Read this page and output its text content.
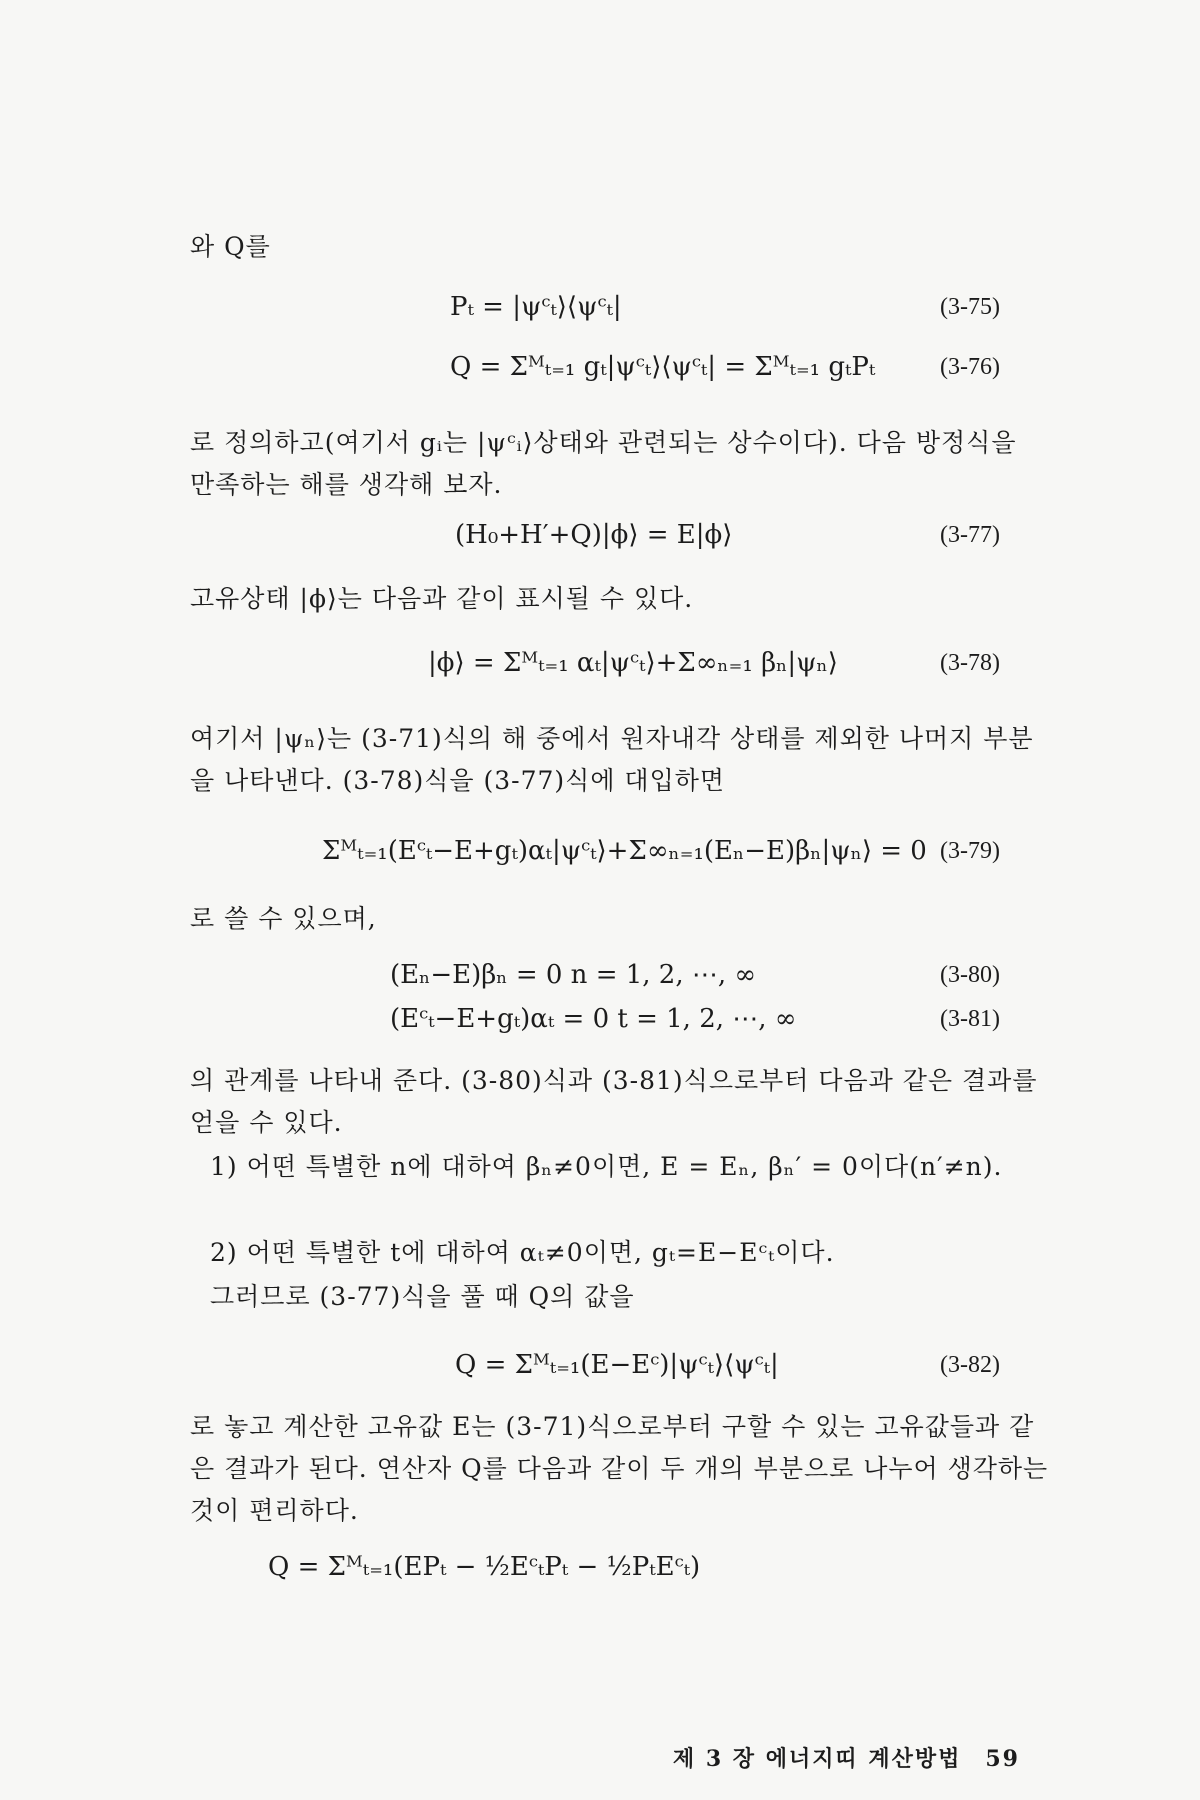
와 Q를

Pₜ = |ψᶜₜ⟩⟨ψᶜₜ|	(3-75)
Q = Σᴹₜ₌₁ gₜ|ψᶜₜ⟩⟨ψᶜₜ| = Σᴹₜ₌₁ gₜPₜ	(3-76)

로 정의하고(여기서 gᵢ는 |ψᶜᵢ⟩상태와 관련되는 상수이다). 다음 방정식을 만족하는 해를 생각해 보자.

(H₀+H′+Q)|ϕ⟩ = E|ϕ⟩	(3-77)

고유상태 |ϕ⟩는 다음과 같이 표시될 수 있다.

|ϕ⟩ = Σᴹₜ₌₁ αₜ|ψᶜₜ⟩+Σ∞ₙ₌₁ βₙ|ψₙ⟩	(3-78)

여기서 |ψₙ⟩는 (3-71)식의 해 중에서 원자내각 상태를 제외한 나머지 부분을 나타낸다. (3-78)식을 (3-77)식에 대입하면

Σᴹₜ₌₁(Eᶜₜ−E+gₜ)αₜ|ψᶜₜ⟩+Σ∞ₙ₌₁(Eₙ−E)βₙ|ψₙ⟩ = 0 (3-79)

로 쓸 수 있으며,

(Eₙ−E)βₙ = 0 n = 1, 2, ⋯, ∞	(3-80)
(Eᶜₜ−E+gₜ)αₜ = 0 t = 1, 2, ⋯, ∞	(3-81)

의 관계를 나타내 준다. (3-80)식과 (3-81)식으로부터 다음과 같은 결과를 얻을 수 있다.

1) 어떤 특별한 n에 대하여 βₙ≠0이면, E = Eₙ, βₙ′ = 0이다(n′≠n).

2) 어떤 특별한 t에 대하여 αₜ≠0이면, gₜ=E−Eᶜₜ이다.

그러므로 (3-77)식을 풀 때 Q의 값을

Q = Σᴹₜ₌₁(E−Eᶜ)|ψᶜₜ⟩⟨ψᶜₜ|	(3-82)

로 놓고 계산한 고유값 E는 (3-71)식으로부터 구할 수 있는 고유값들과 같은 결과가 된다. 연산자 Q를 다음과 같이 두 개의 부분으로 나누어 생각하는 것이 편리하다.

Q = Σᴹₜ₌₁(EPₜ − ½EᶜₜPₜ − ½PₜEᶜₜ)
제 3 장 에너지띠 계산방법 59
